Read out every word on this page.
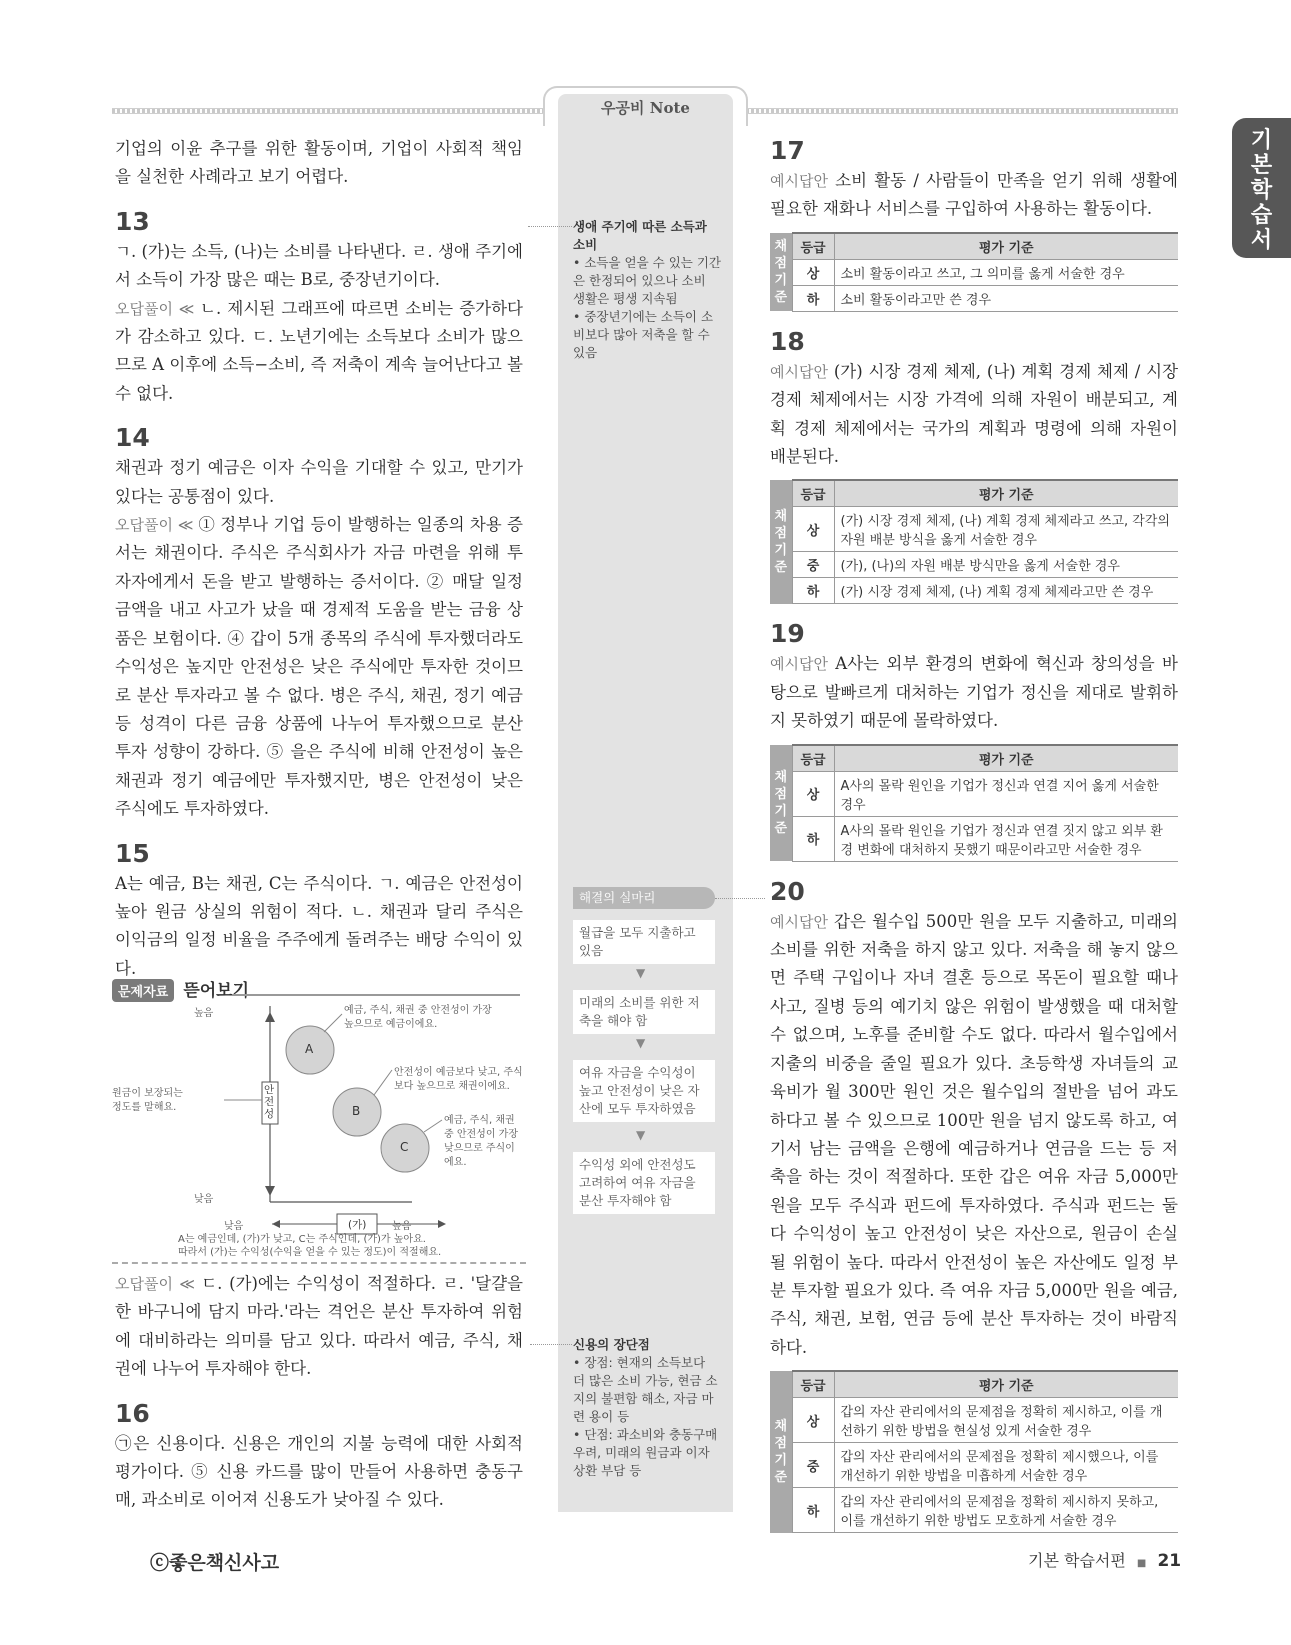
우공비 Note
기본학습서

기업의 이윤 추구를 위한 활동이며, 기업이 사회적 책임을 실천한 사례라고 보기 어렵다.

13

ㄱ. (가)는 소득, (나)는 소비를 나타낸다. ㄹ. 생애 주기에서 소득이 가장 많은 때는 B로, 중장년기이다.

오답풀이 ≪ ㄴ. 제시된 그래프에 따르면 소비는 증가하다가 감소하고 있다. ㄷ. 노년기에는 소득보다 소비가 많으므로 A 이후에 소득−소비, 즉 저축이 계속 늘어난다고 볼 수 없다.

14

채권과 정기 예금은 이자 수익을 기대할 수 있고, 만기가 있다는 공통점이 있다.

오답풀이 ≪ ① 정부나 기업 등이 발행하는 일종의 차용 증서는 채권이다. 주식은 주식회사가 자금 마련을 위해 투자자에게서 돈을 받고 발행하는 증서이다. ② 매달 일정 금액을 내고 사고가 났을 때 경제적 도움을 받는 금융 상품은 보험이다. ④ 갑이 5개 종목의 주식에 투자했더라도 수익성은 높지만 안전성은 낮은 주식에만 투자한 것이므로 분산 투자라고 볼 수 없다. 병은 주식, 채권, 정기 예금 등 성격이 다른 금융 상품에 나누어 투자했으므로 분산 투자 성향이 강하다. ⑤ 을은 주식에 비해 안전성이 높은 채권과 정기 예금에만 투자했지만, 병은 안전성이 낮은 주식에도 투자하였다.

15

A는 예금, B는 채권, C는 주식이다. ㄱ. 예금은 안전성이 높아 원금 상실의 위험이 적다. ㄴ. 채권과 달리 주식은 이익금의 일정 비율을 주주에게 돌려주는 배당 수익이 있다.

문제자료 뜯어보기
높음
낮음
안전성
원금이 보장되는 정도를 말해요.
낮음	높음
(가)
A
B
C
예금, 주식, 채권 중 안전성이 가장 높으므로 예금이에요.
안전성이 예금보다 낮고, 주식보다 높으므로 채권이에요.
예금, 주식, 채권 중 안전성이 가장 낮으므로 주식이에요.
A는 예금인데, (가)가 낮고, C는 주식인데, (가)가 높아요.
따라서 (가)는 수익성(수익을 얻을 수 있는 정도)이 적절해요.

오답풀이 ≪ ㄷ. (가)에는 수익성이 적절하다. ㄹ. '달걀을 한 바구니에 담지 마라.'라는 격언은 분산 투자하여 위험에 대비하라는 의미를 담고 있다. 따라서 예금, 주식, 채권에 나누어 투자해야 한다.

16

㉠은 신용이다. 신용은 개인의 지불 능력에 대한 사회적 평가이다. ⑤ 신용 카드를 많이 만들어 사용하면 충동구매, 과소비로 이어져 신용도가 낮아질 수 있다.

생애 주기에 따른 소득과 소비
• 소득을 얻을 수 있는 기간은 한정되어 있으나 소비 생활은 평생 지속됨
• 중장년기에는 소득이 소비보다 많아 저축을 할 수 있음
해결의 실마리
월급을 모두 지출하고 있음
▼
미래의 소비를 위한 저축을 해야 함
▼
여유 자금을 수익성이 높고 안전성이 낮은 자산에 모두 투자하였음
▼
수익성 외에 안전성도 고려하여 여유 자금을 분산 투자해야 함
신용의 장단점
• 장점: 현재의 소득보다 더 많은 소비 가능, 현금 소지의 불편함 해소, 자금 마련 용이 등
• 단점: 과소비와 충동구매 우려, 미래의 원금과 이자 상환 부담 등
17

예시답안 소비 활동 / 사람들이 만족을 얻기 위해 생활에 필요한 재화나 서비스를 구입하여 사용하는 활동이다.

채점기준	등급	평가 기준
	상	소비 활동이라고 쓰고, 그 의미를 옳게 서술한 경우
	하	소비 활동이라고만 쓴 경우
18

예시답안 (가) 시장 경제 체제, (나) 계획 경제 체제 / 시장 경제 체제에서는 시장 가격에 의해 자원이 배분되고, 계획 경제 체제에서는 국가의 계획과 명령에 의해 자원이 배분된다.

채점기준	등급	평가 기준
	상	(가) 시장 경제 체제, (나) 계획 경제 체제라고 쓰고, 각각의 자원 배분 방식을 옳게 서술한 경우
	중	(가), (나)의 자원 배분 방식만을 옳게 서술한 경우
	하	(가) 시장 경제 체제, (나) 계획 경제 체제라고만 쓴 경우
19

예시답안 A사는 외부 환경의 변화에 혁신과 창의성을 바탕으로 발빠르게 대처하는 기업가 정신을 제대로 발휘하지 못하였기 때문에 몰락하였다.

채점기준	등급	평가 기준
	상	A사의 몰락 원인을 기업가 정신과 연결 지어 옳게 서술한 경우
	하	A사의 몰락 원인을 기업가 정신과 연결 짓지 않고 외부 환경 변화에 대처하지 못했기 때문이라고만 서술한 경우
20

예시답안 갑은 월수입 500만 원을 모두 지출하고, 미래의 소비를 위한 저축을 하지 않고 있다. 저축을 해 놓지 않으면 주택 구입이나 자녀 결혼 등으로 목돈이 필요할 때나 사고, 질병 등의 예기치 않은 위험이 발생했을 때 대처할 수 없으며, 노후를 준비할 수도 없다. 따라서 월수입에서 지출의 비중을 줄일 필요가 있다. 초등학생 자녀들의 교육비가 월 300만 원인 것은 월수입의 절반을 넘어 과도하다고 볼 수 있으므로 100만 원을 넘지 않도록 하고, 여기서 남는 금액을 은행에 예금하거나 연금을 드는 등 저축을 하는 것이 적절하다. 또한 갑은 여유 자금 5,000만 원을 모두 주식과 펀드에 투자하였다. 주식과 펀드는 둘 다 수익성이 높고 안전성이 낮은 자산으로, 원금이 손실될 위험이 높다. 따라서 안전성이 높은 자산에도 일정 부분 투자할 필요가 있다. 즉 여유 자금 5,000만 원을 예금, 주식, 채권, 보험, 연금 등에 분산 투자하는 것이 바람직하다.

채점기준	등급	평가 기준
	상	갑의 자산 관리에서의 문제점을 정확히 제시하고, 이를 개선하기 위한 방법을 현실성 있게 서술한 경우
	중	갑의 자산 관리에서의 문제점을 정확히 제시했으나, 이를 개선하기 위한 방법을 미흡하게 서술한 경우
	하	갑의 자산 관리에서의 문제점을 정확히 제시하지 못하고, 이를 개선하기 위한 방법도 모호하게 서술한 경우
ⓒ좋은책신사고	기본 학습서편 ■ 21
